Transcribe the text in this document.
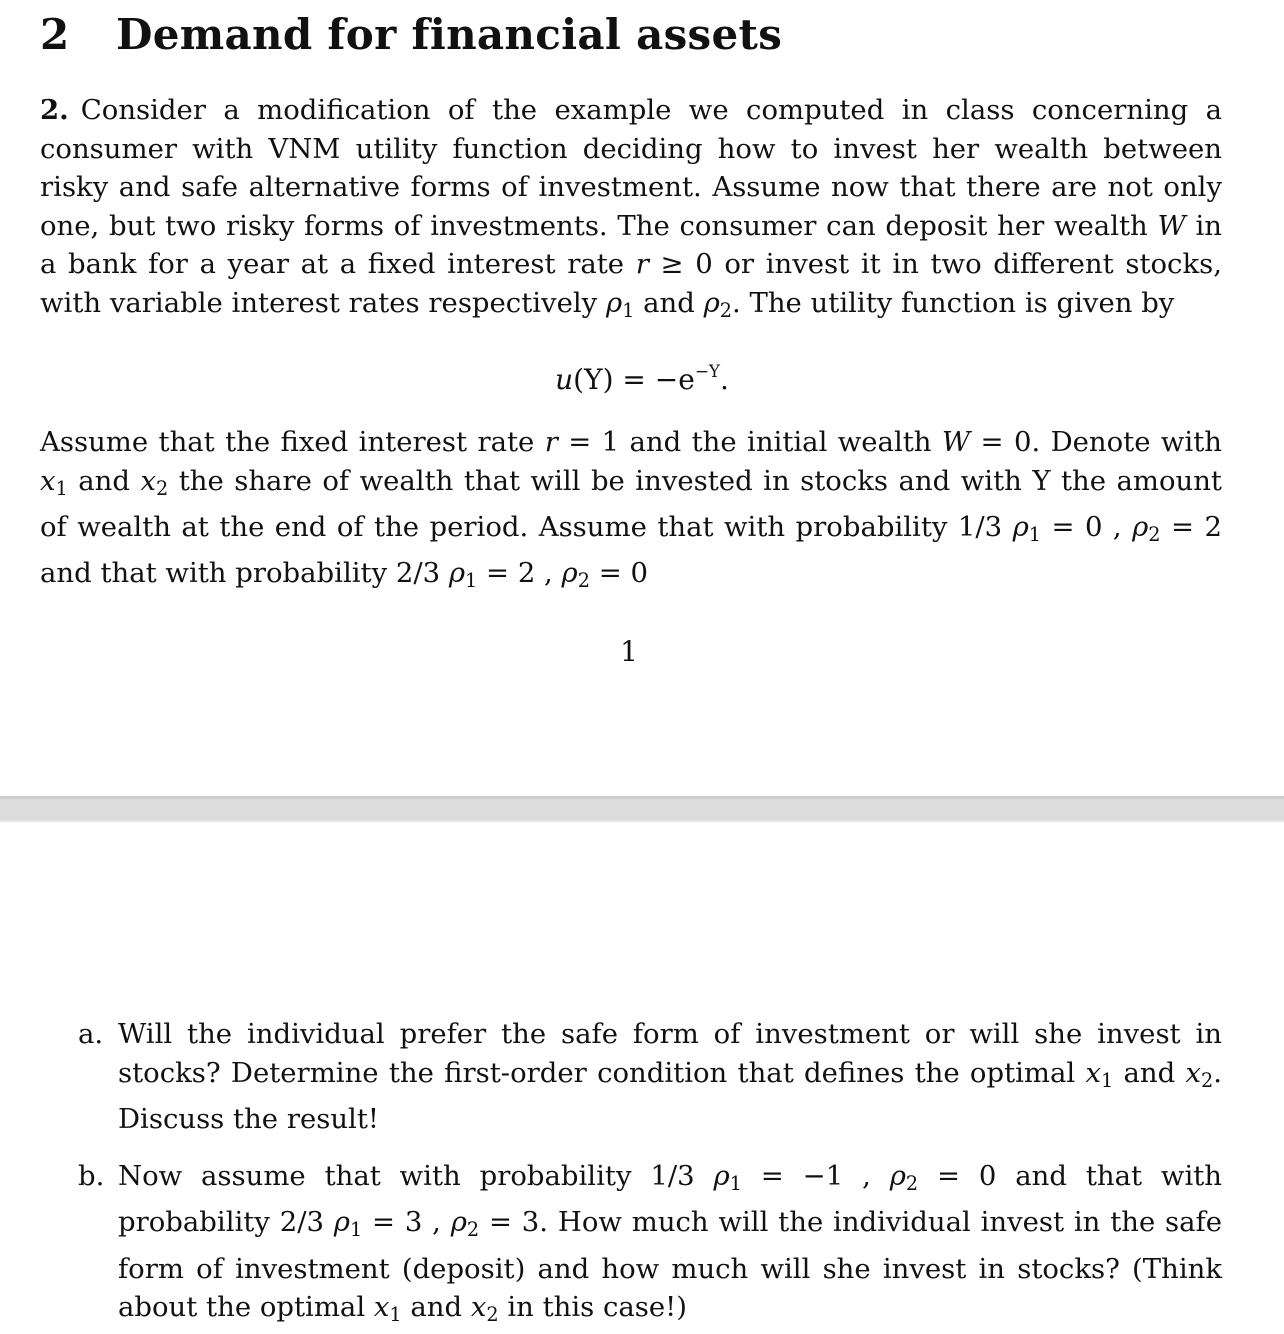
2 Demand for financial assets

2. Consider a modification of the example we computed in class concerning a consumer with VNM utility function deciding how to invest her wealth between risky and safe alternative forms of investment. Assume now that there are not only one, but two risky forms of investments. The consumer can deposit her wealth W in a bank for a year at a fixed interest rate r ≥ 0 or invest it in two different stocks, with variable interest rates respectively $\rho_1$ and $\rho_2$. The utility function is given by

$u(Y) = -e^{-Y}$.

Assume that the fixed interest rate r = 1 and the initial wealth W = 0. Denote with $x_1$ and $x_2$ the share of wealth that will be invested in stocks and with Y the amount of wealth at the end of the period. Assume that with probability 1/3 $\rho_1 = 0$ , $\rho_2 = 2$ and that with probability 2/3 $\rho_1 = 2$ , $\rho_2 = 0$

1
a. Will the individual prefer the safe form of investment or will she invest in stocks? Determine the first-order condition that defines the optimal $x_1$ and $x_2$. Discuss the result!
b. Now assume that with probability 1/3 $\rho_1 = -1$ , $\rho_2 = 0$ and that with probability 2/3 $\rho_1 = 3$ , $\rho_2 = 3$. How much will the individual invest in the safe form of investment (deposit) and how much will she invest in stocks? (Think about the optimal $x_1$ and $x_2$ in this case!)
